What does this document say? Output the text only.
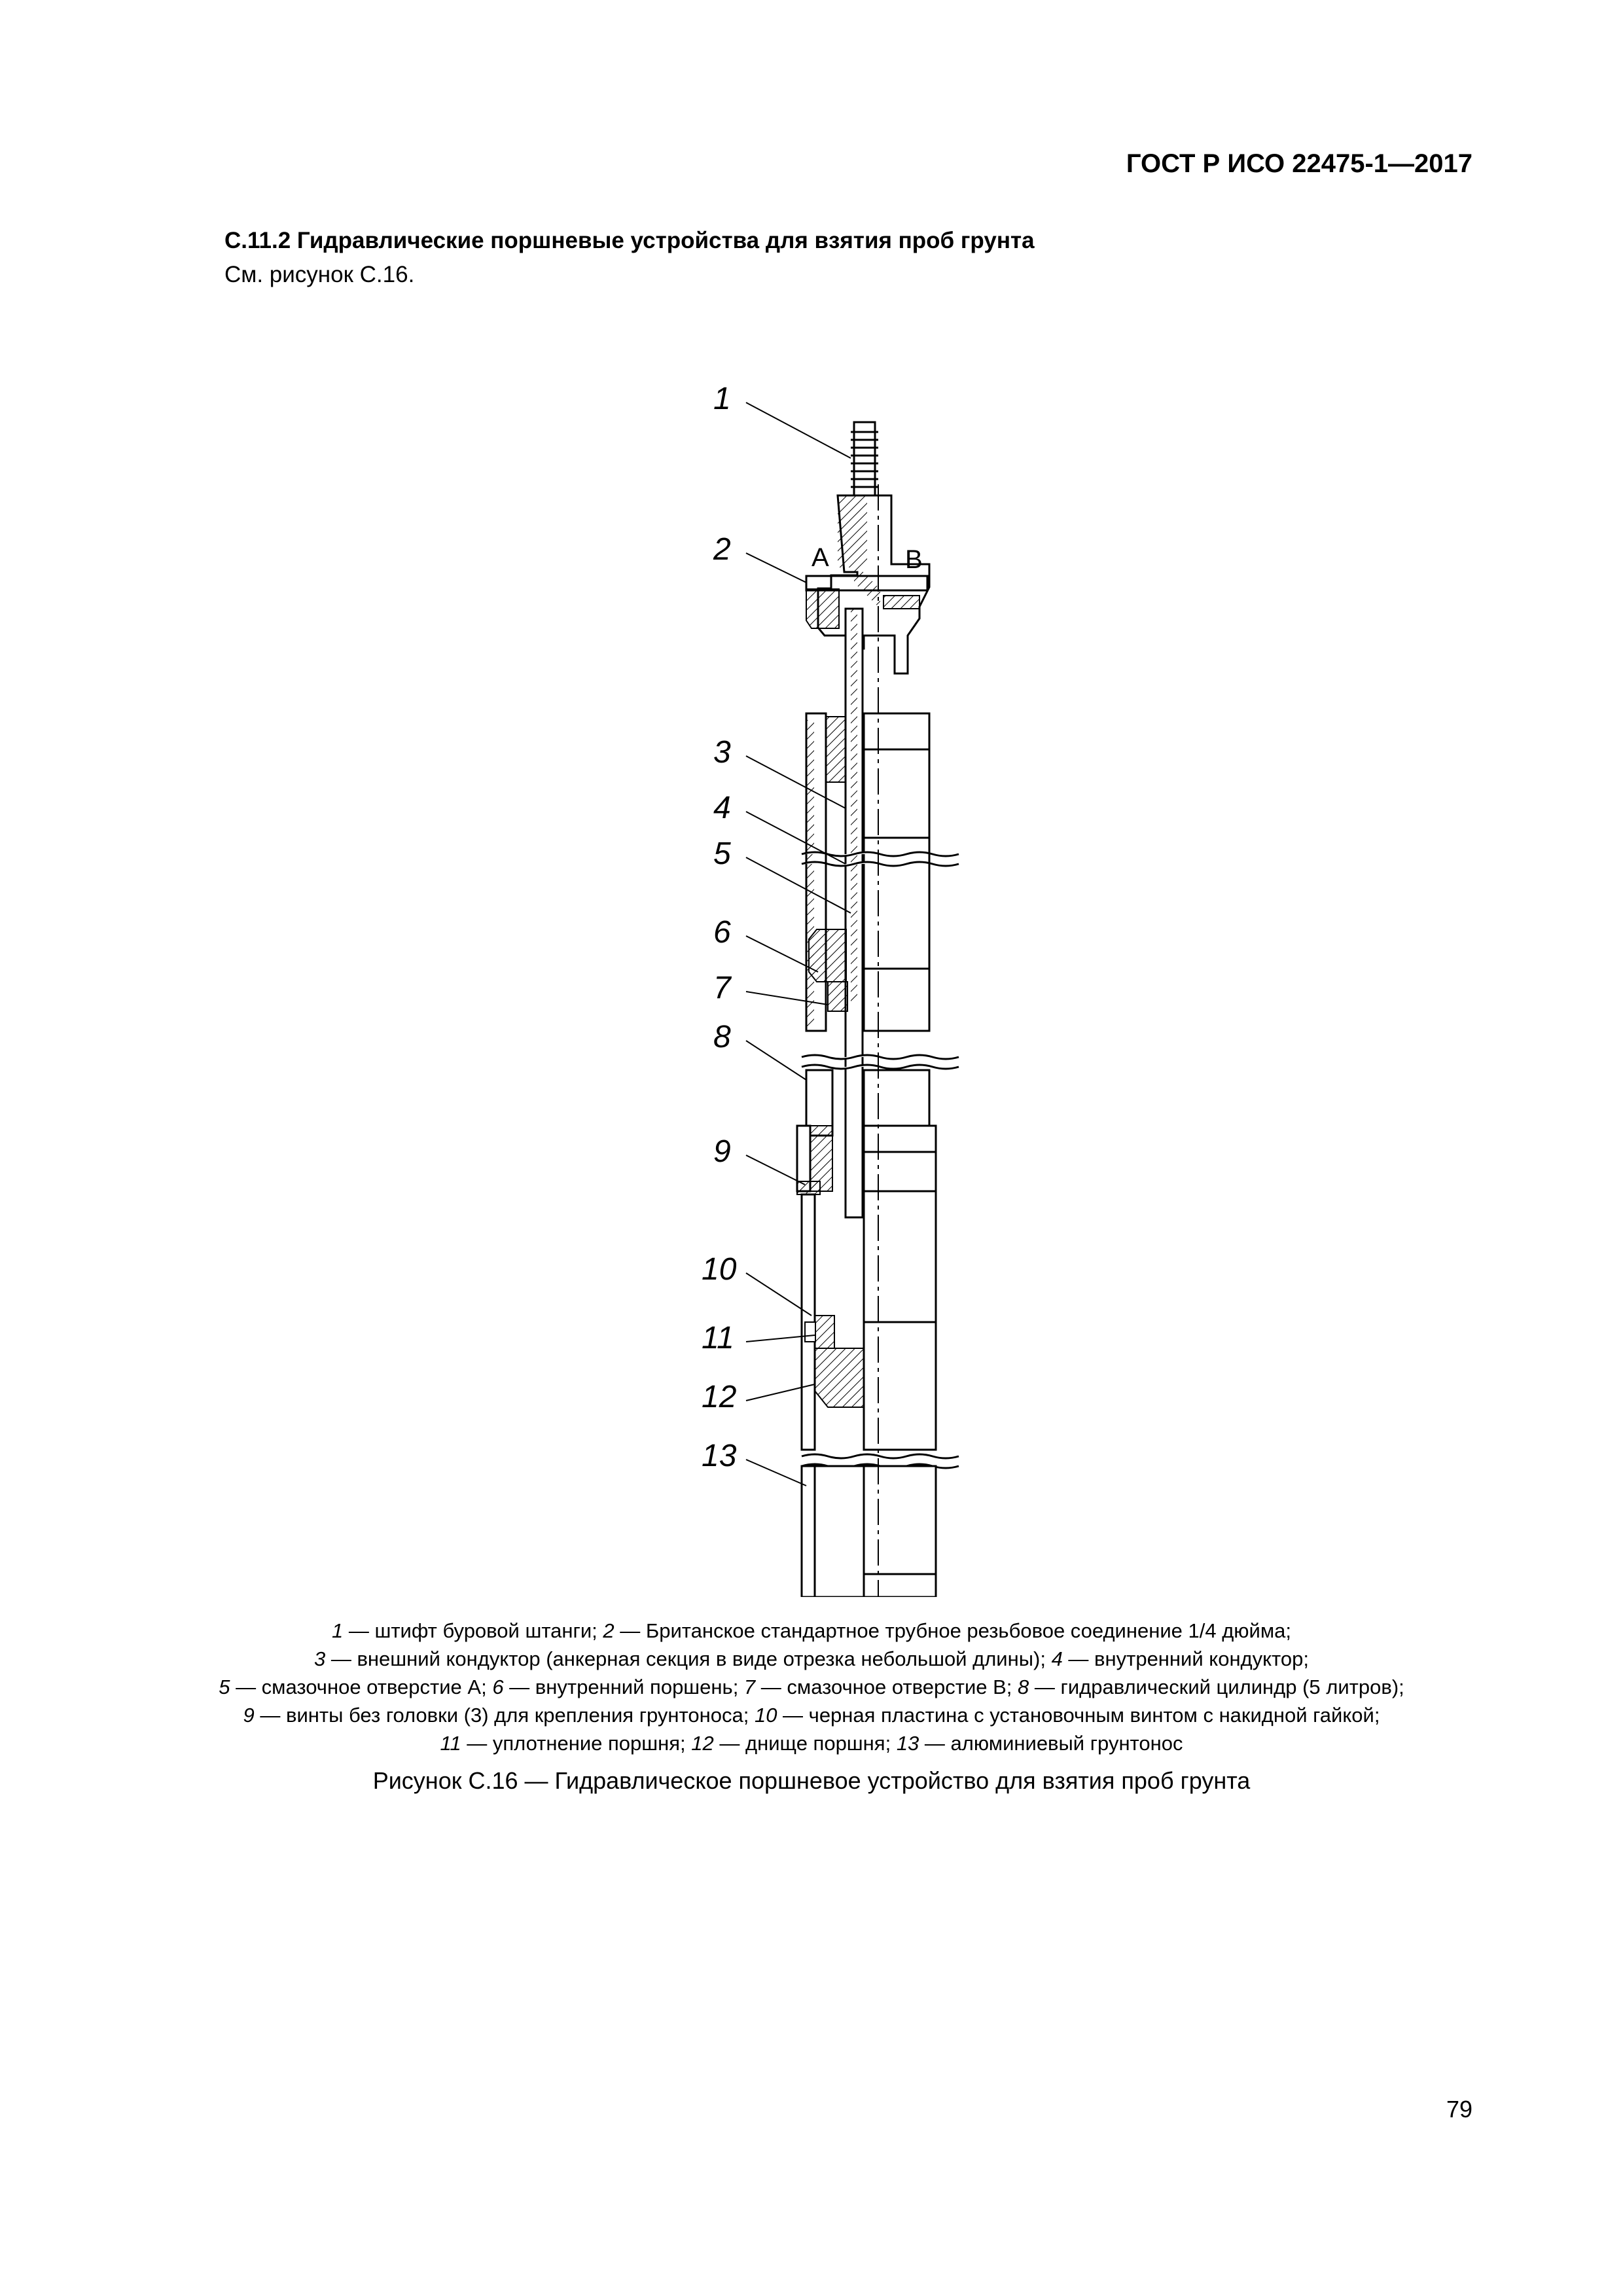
ГОСТ Р ИСО 22475-1—2017
С.11.2 Гидравлические поршневые устройства для взятия проб грунта
См. рисунок С.16.
1
2
3
4
5
6
7
8
9
10
11
12
13
A	B
1 — штифт буровой штанги; 2 — Британское стандартное трубное резьбовое соединение 1/4 дюйма;
3 — внешний кондуктор (анкерная секция в виде отрезка небольшой длины); 4 — внутренний кондуктор;
5 — смазочное отверстие А; 6 — внутренний поршень; 7 — смазочное отверстие В; 8 — гидравлический цилиндр (5 литров);
9 — винты без головки (3) для крепления грунтоноса; 10 — черная пластина с установочным винтом с накидной гайкой;
11 — уплотнение поршня; 12 — днище поршня; 13 — алюминиевый грунтонос
Рисунок С.16 — Гидравлическое поршневое устройство для взятия проб грунта
79
